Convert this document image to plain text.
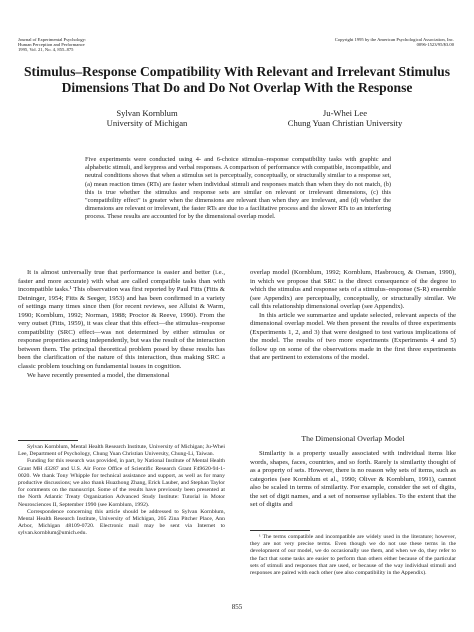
Journal of Experimental Psychology:
Human Perception and Performance
1995, Vol. 21, No. 4, 855–875
Copyright 1995 by the American Psychological Association, Inc.
0096-1523/95/$3.00
Stimulus–Response Compatibility With Relevant and Irrelevant Stimulus
Dimensions That Do and Do Not Overlap With the Response
Sylvan Kornblum
University of Michigan
Ju-Whei Lee
Chung Yuan Christian University
Five experiments were conducted using 4- and 6-choice stimulus–response compatibility tasks with graphic and alphabetic stimuli, and keypress and verbal responses. A comparison of performance with compatible, incompatible, and neutral conditions shows that when a stimulus set is perceptually, conceptually, or structurally similar to a response set, (a) mean reaction times (RTs) are faster when individual stimuli and responses match than when they do not match, (b) this is true whether the stimulus and response sets are similar on relevant or irrelevant dimensions, (c) this "compatibility effect" is greater when the dimensions are relevant than when they are irrelevant, and (d) whether the dimensions are relevant or irrelevant, the faster RTs are due to a facilitative process and the slower RTs to an interfering process. These results are accounted for by the dimensional overlap model.

It is almost universally true that performance is easier and better (i.e., faster and more accurate) with what are called compatible tasks than with incompatible tasks.¹ This observation was first reported by Paul Fitts (Fitts & Deininger, 1954; Fitts & Seeger, 1953) and has been confirmed in a variety of settings many times since then (for recent reviews, see Alluisi & Warm, 1990; Kornblum, 1992; Norman, 1988; Proctor & Reeve, 1990). From the very outset (Fitts, 1959), it was clear that this effect—the stimulus–response compatibility (SRC) effect—was not determined by either stimulus or response properties acting independently, but was the result of the interaction between them. The principal theoretical problem posed by these results has been the clarification of the nature of this interaction, thus making SRC a classic problem touching on fundamental issues in cognition.

We have recently presented a model, the dimensional

Sylvan Kornblum, Mental Health Research Institute, University of Michigan; Ju-Whei Lee, Department of Psychology, Chung Yuan Christian University, Chung-Li, Taiwan.

Funding for this research was provided, in part, by National Institute of Mental Health Grant MH 43287 and U.S. Air Force Office of Scientific Research Grant F49620-94-1-0020. We thank Tony Whipple for technical assistance and support, as well as for many productive discussions; we also thank Huazhong Zhang, Erick Lauber, and Stephan Taylor for comments on the manuscript. Some of the results have previously been presented at the North Atlantic Treaty Organization Advanced Study Institute: Tutorial in Motor Neurosciences II, September 1990 (see Kornblum, 1992).

Correspondence concerning this article should be addressed to Sylvan Kornblum, Mental Health Research Institute, University of Michigan, 205 Zina Pitcher Place, Ann Arbor, Michigan 48109-0720. Electronic mail may be sent via Internet to sylvan.kornblum@umich.edu.

overlap model (Kornblum, 1992; Kornblum, Hasbroucq, & Osman, 1990), in which we propose that SRC is the direct consequence of the degree to which the stimulus and response sets of a stimulus–response (S-R) ensemble (see Appendix) are perceptually, conceptually, or structurally similar. We call this relationship dimensional overlap (see Appendix).

In this article we summarize and update selected, relevant aspects of the dimensional overlap model. We then present the results of three experiments (Experiments 1, 2, and 3) that were designed to test various implications of the model. The results of two more experiments (Experiments 4 and 5) follow up on some of the observations made in the first three experiments that are pertinent to extensions of the model.

The Dimensional Overlap Model

Similarity is a property usually associated with individual items like words, shapes, faces, countries, and so forth. Rarely is similarity thought of as a property of sets. However, there is no reason why sets of items, such as categories (see Kornblum et al., 1990; Oliver & Kornblum, 1991), cannot also be scaled in terms of similarity. For example, consider the set of digits, the set of digit names, and a set of nonsense syllables. To the extent that the set of digits and

¹ The terms compatible and incompatible are widely used in the literature; however, they are not very precise terms. Even though we do not use these terms in the development of our model, we do occasionally use them, and when we do, they refer to the fact that some tasks are easier to perform than others either because of the particular sets of stimuli and responses that are used, or because of the way individual stimuli and responses are paired with each other (see also compatibility in the Appendix).

855
